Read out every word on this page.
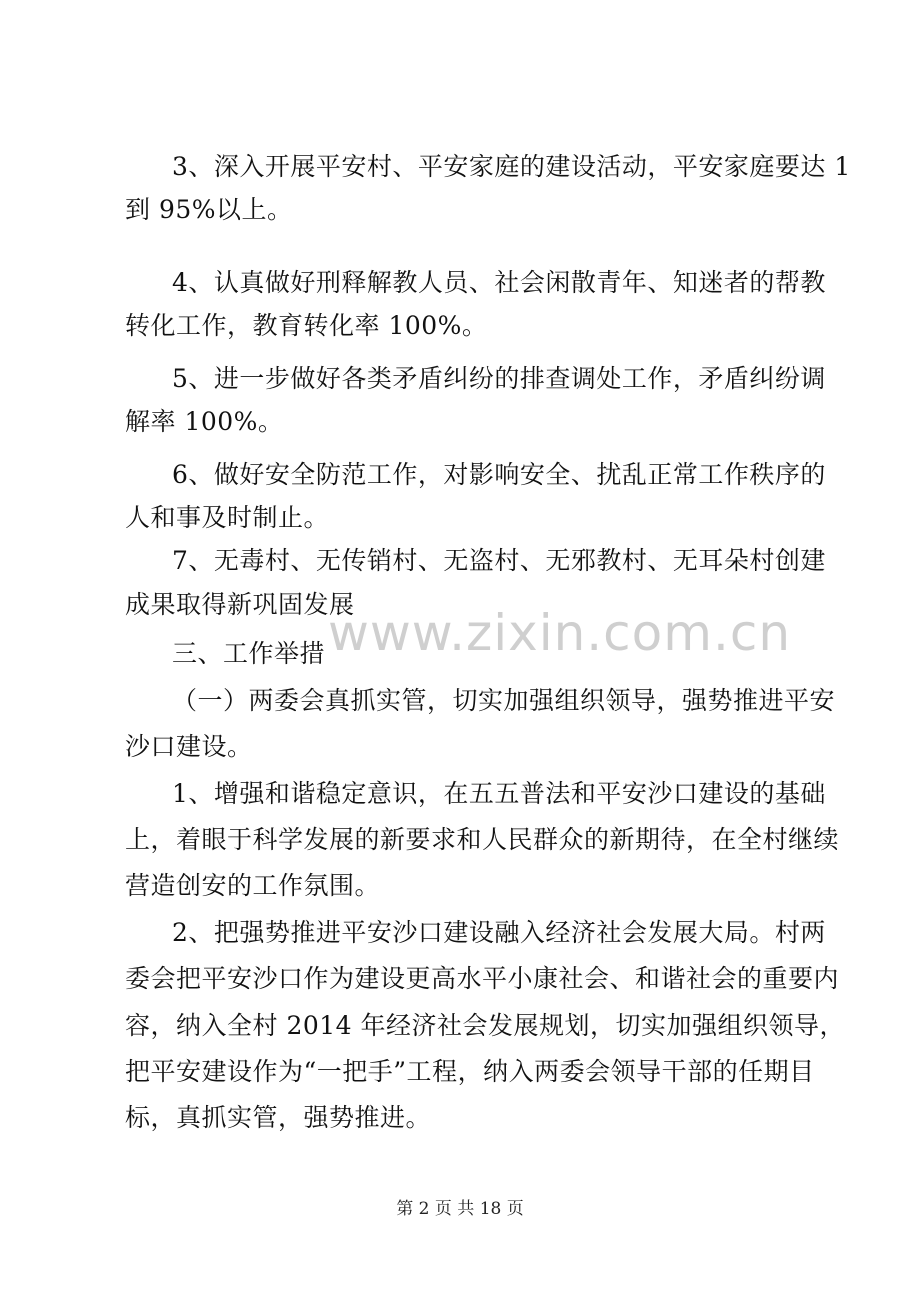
3、深入开展平安村、平安家庭的建设活动，平安家庭要达 1
到 95%以上。
4、认真做好刑释解教人员、社会闲散青年、知迷者的帮教
转化工作，教育转化率 100%。
5、进一步做好各类矛盾纠纷的排查调处工作，矛盾纠纷调
解率 100%。
6、做好安全防范工作，对影响安全、扰乱正常工作秩序的
人和事及时制止。
7、无毒村、无传销村、无盗村、无邪教村、无耳朵村创建
成果取得新巩固发展
三、工作举措
（一）两委会真抓实管，切实加强组织领导，强势推进平安
沙口建设。
1、增强和谐稳定意识，在五五普法和平安沙口建设的基础
上，着眼于科学发展的新要求和人民群众的新期待，在全村继续
营造创安的工作氛围。
2、把强势推进平安沙口建设融入经济社会发展大局。村两
委会把平安沙口作为建设更高水平小康社会、和谐社会的重要内
容，纳入全村 2014 年经济社会发展规划，切实加强组织领导，
把平安建设作为“一把手”工程，纳入两委会领导干部的任期目
标，真抓实管，强势推进。
www.zixin.com.cn
第 2 页 共 18 页
